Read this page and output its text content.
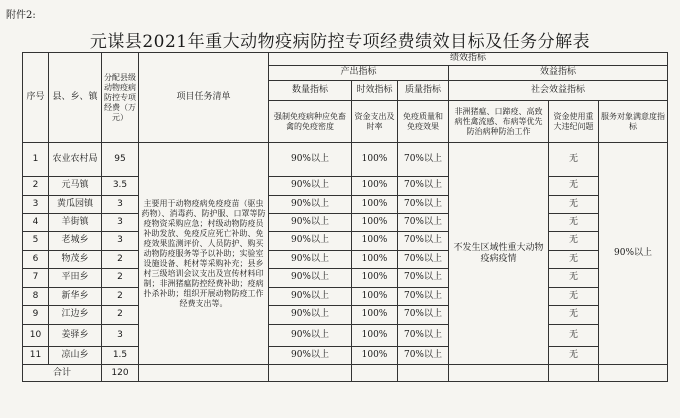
附件2:
元谋县2021年重大动物疫病防控专项经费绩效目标及任务分解表
序号	县、乡、镇	分配县级动物疫病防控专项经费（万元）	项目任务清单	绩效指标					
				产出指标			效益指标		
				数量指标	时效指标	质量指标	社会效益指标		
				强制免疫病种应免畜禽的免疫密度	资金支出及时率	免疫质量和免疫效果	非洲猪瘟、口蹄疫、高致病性禽流感、布病等优先防治病种防治工作	资金使用重大违纪问题	服务对象满意度指标
1	农业农村局	95	主要用于动物疫病免疫疫苗（驱虫药物）、消毒药、防护服、口罩等防疫物资采购应急；村级动物防疫员补助发放、免疫反应死亡补助、免疫效果监测评价、人员防护、购买动物防疫服务等予以补助；实验室设施设备、耗材等采购补充；县乡村三级培训会议支出及宣传材料印制；非洲猪瘟防控经费补助；疫病扑杀补助；组织开展动物防疫工作经费支出等。	90%以上	100%	70%以上	不发生区域性重大动物疫病疫情	无	90%以上
2	元马镇	3.5		90%以上	100%	70%以上		无	
3	黄瓜园镇	3		90%以上	100%	70%以上		无	
4	羊街镇	3		90%以上	100%	70%以上		无	
5	老城乡	3		90%以上	100%	70%以上		无	
6	物茂乡	2		90%以上	100%	70%以上		无	
7	平田乡	2		90%以上	100%	70%以上		无	
8	新华乡	2		90%以上	100%	70%以上		无	
9	江边乡	2		90%以上	100%	70%以上		无	
10	姜驿乡	3		90%以上	100%	70%以上		无	
11	凉山乡	1.5		90%以上	100%	70%以上		无	
合计		120							
